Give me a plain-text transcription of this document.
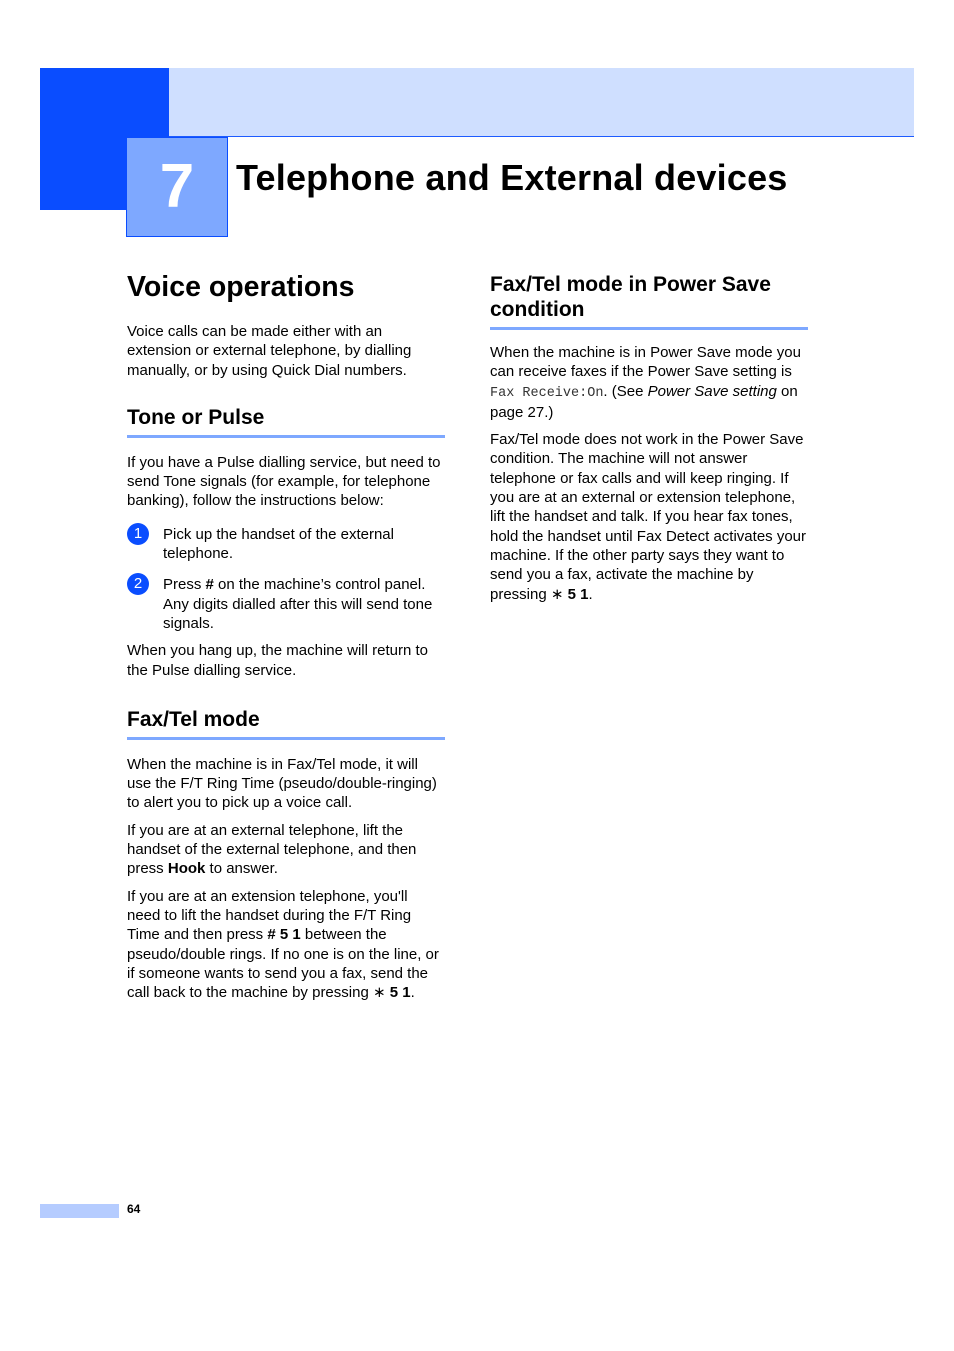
7	Telephone and External devices
Voice operations

Voice calls can be made either with an extension or external telephone, by dialling manually, or by using Quick Dial numbers.

Tone or Pulse

If you have a Pulse dialling service, but need to send Tone signals (for example, for telephone banking), follow the instructions below:

1	Pick up the handset of the external telephone.
2	Press # on the machine’s control panel. Any digits dialled after this will send tone signals.

When you hang up, the machine will return to the Pulse dialling service.

Fax/Tel mode

When the machine is in Fax/Tel mode, it will use the F/T Ring Time (pseudo/double-ringing) to alert you to pick up a voice call.

If you are at an external telephone, lift the handset of the external telephone, and then press Hook to answer.

If you are at an extension telephone, you'll need to lift the handset during the F/T Ring Time and then press # 5 1 between the pseudo/double rings. If no one is on the line, or if someone wants to send you a fax, send the call back to the machine by pressing ∗ 5 1.

Fax/Tel mode in Power Save condition

When the machine is in Power Save mode you can receive faxes if the Power Save setting is Fax Receive:On. (See Power Save setting on page 27.)

Fax/Tel mode does not work in the Power Save condition. The machine will not answer telephone or fax calls and will keep ringing. If you are at an external or extension telephone, lift the handset and talk. If you hear fax tones, hold the handset until Fax Detect activates your machine. If the other party says they want to send you a fax, activate the machine by pressing ∗ 5 1.

64
